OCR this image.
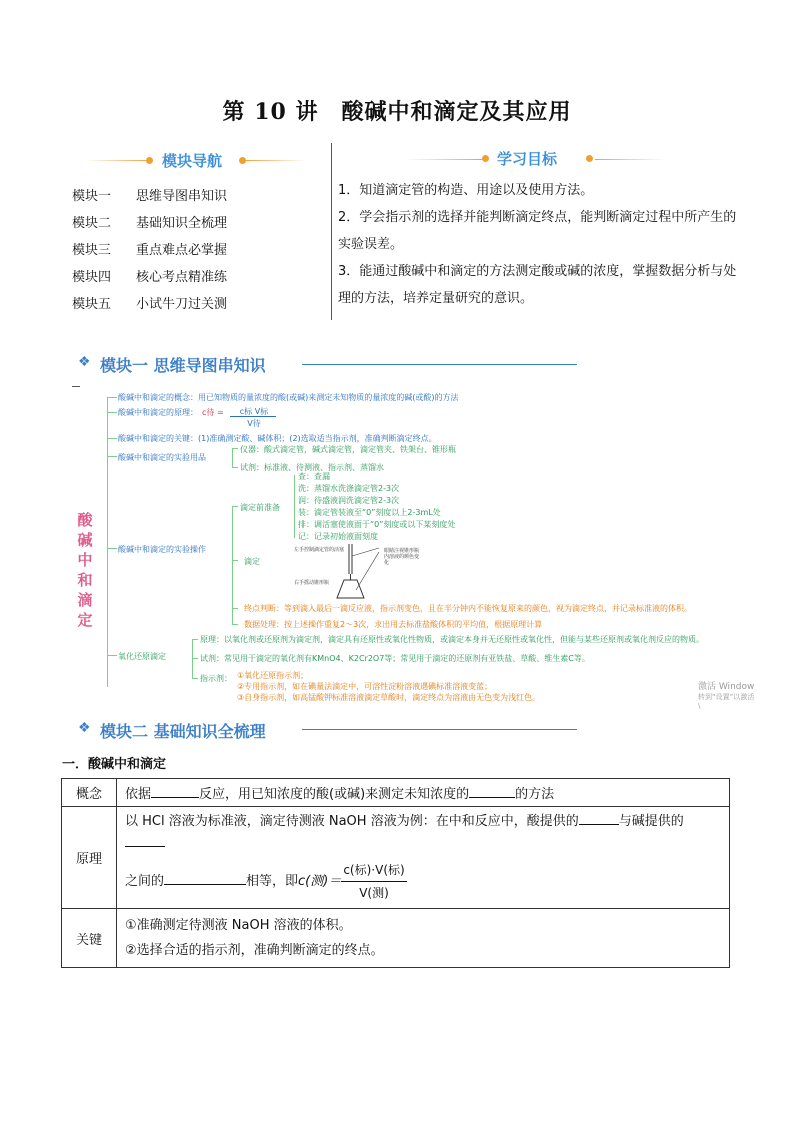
第 10 讲　酸碱中和滴定及其应用
模块导航	学习目标
模块一 思维导图串知识
模块二 基础知识全梳理
模块三 重点难点必掌握
模块四 核心考点精准练
模块五 小试牛刀过关测
1．知道滴定管的构造、用途以及使用方法。
2．学会指示剂的选择并能判断滴定终点，能判断滴定过程中所产生的实验误差。
3．能通过酸碱中和滴定的方法测定酸或碱的浓度，掌握数据分析与处理的方法，培养定量研究的意识。
❖ 模块一 思维导图串知识
酸碱中和滴定
酸碱中和滴定的概念：用已知物质的量浓度的酸(或碱)来测定未知物质的量浓度的碱(或酸)的方法
酸碱中和滴定的原理： c待 =	c标 V标
V待
酸碱中和滴定的关键：(1)准确测定酸、碱体积；(2)选取适当指示剂，准确判断滴定终点。
酸碱中和滴定的实验用品
仪器：酸式滴定管，碱式滴定管，滴定管夹、铁架台、锥形瓶
试剂：标准液、待测液、指示剂、蒸馏水
酸碱中和滴定的实验操作
滴定前准备
查：查漏
洗：蒸馏水洗涤滴定管2-3次
润：待盛液润洗滴定管2-3次
装：滴定管装液至“0”刻度以上2-3mL处
排：调活塞使液面于“0”刻度或以下某刻度处
记：记录初始液面刻度
滴定
左手控制滴定管的活塞
右手摇动锥形瓶
眼睛注视锥形瓶内溶液的颜色变化
终点判断：等到滴入最后一滴反应液，指示剂变色，且在半分钟内不能恢复原来的颜色，视为滴定终点，并记录标准液的体积。
数据处理：按上述操作重复2～3次，求出用去标准盐酸体积的平均值，根据原理计算
氧化还原滴定
原理：以氧化剂或还原剂为滴定剂，滴定具有还原性或氧化性物质，或滴定本身并无还原性或氧化性，但能与某些还原剂或氧化剂反应的物质。
试剂：常见用于滴定的氧化剂有KMnO4、K2Cr2O7等；常见用于滴定的还原剂有亚铁盐、草酸、维生素C等。
指示剂： ①氧化还原指示剂；
②专用指示剂，如在碘量法滴定中，可溶性淀粉溶液遇碘标准溶液变蓝；
③自身指示剂，如高锰酸钾标准溶液滴定草酸时，滴定终点为溶液由无色变为浅红色。
激活 Window
转到“设置”以激活 \
❖ 模块二 基础知识全梳理
一．酸碱中和滴定
概念	依据 反应，用已知浓度的酸(或碱)来测定未知浓度的 的方法
原理	以 HCl 溶液为标准液，滴定待测液 NaOH 溶液为例：在中和反应中，酸提供的 与碱提供的
之间的 相等，即c(测)＝ $\frac{\text{c(标)·V(标)}}{\text{V(测)}}$

关键	①准确测定待测液 NaOH 溶液的体积。
②选择合适的指示剂，准确判断滴定的终点。
